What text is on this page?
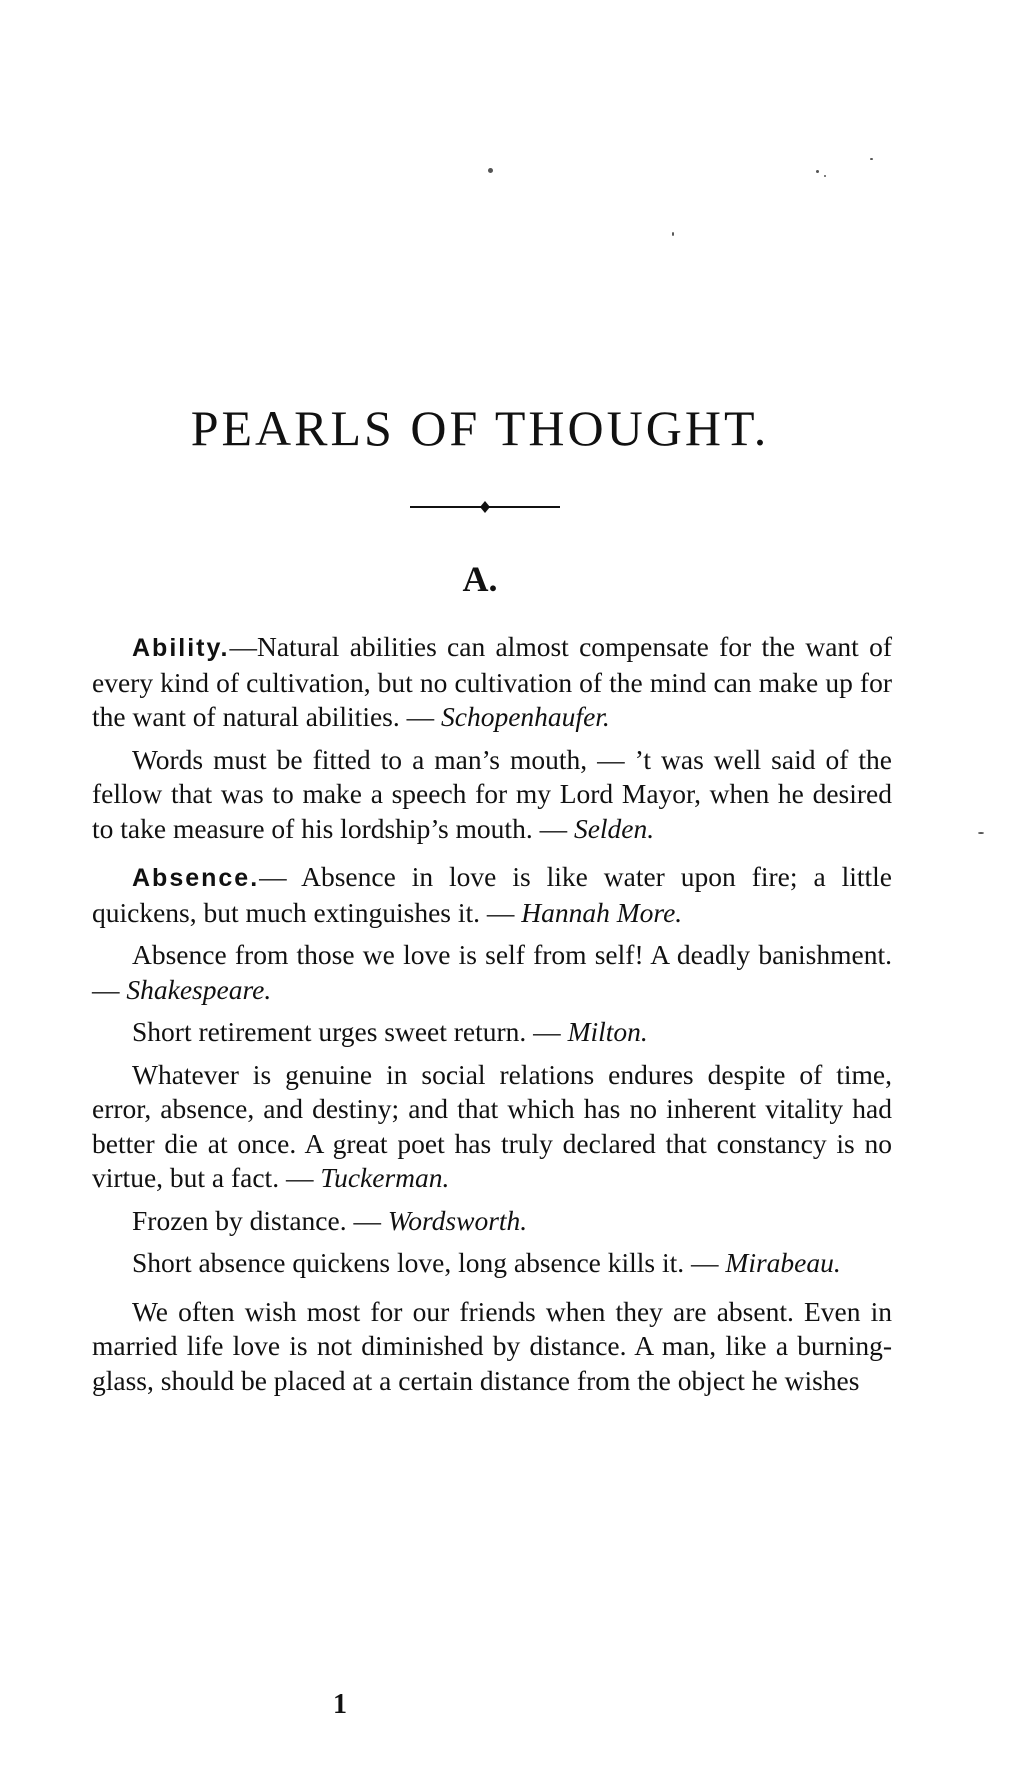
PEARLS OF THOUGHT.
A.

Ability.—Natural abilities can almost compensate for the want of every kind of cultivation, but no cultivation of the mind can make up for the want of natural abilities. — Schopenhaufer.

Words must be fitted to a man’s mouth, — ’t was well said of the fellow that was to make a speech for my Lord Mayor, when he desired to take measure of his lordship’s mouth. — Selden.

Absence.— Absence in love is like water upon fire; a little quickens, but much extinguishes it. — Hannah More.

Absence from those we love is self from self! A deadly banishment. — Shakespeare.

Short retirement urges sweet return. — Milton.

Whatever is genuine in social relations endures despite of time, error, absence, and destiny; and that which has no inherent vitality had better die at once. A great poet has truly declared that constancy is no virtue, but a fact. — Tuckerman.

Frozen by distance. — Wordsworth.

Short absence quickens love, long absence kills it. — Mirabeau.

We often wish most for our friends when they are absent. Even in married life love is not diminished by distance. A man, like a burning-glass, should be placed at a certain distance from the object he wishes

1
